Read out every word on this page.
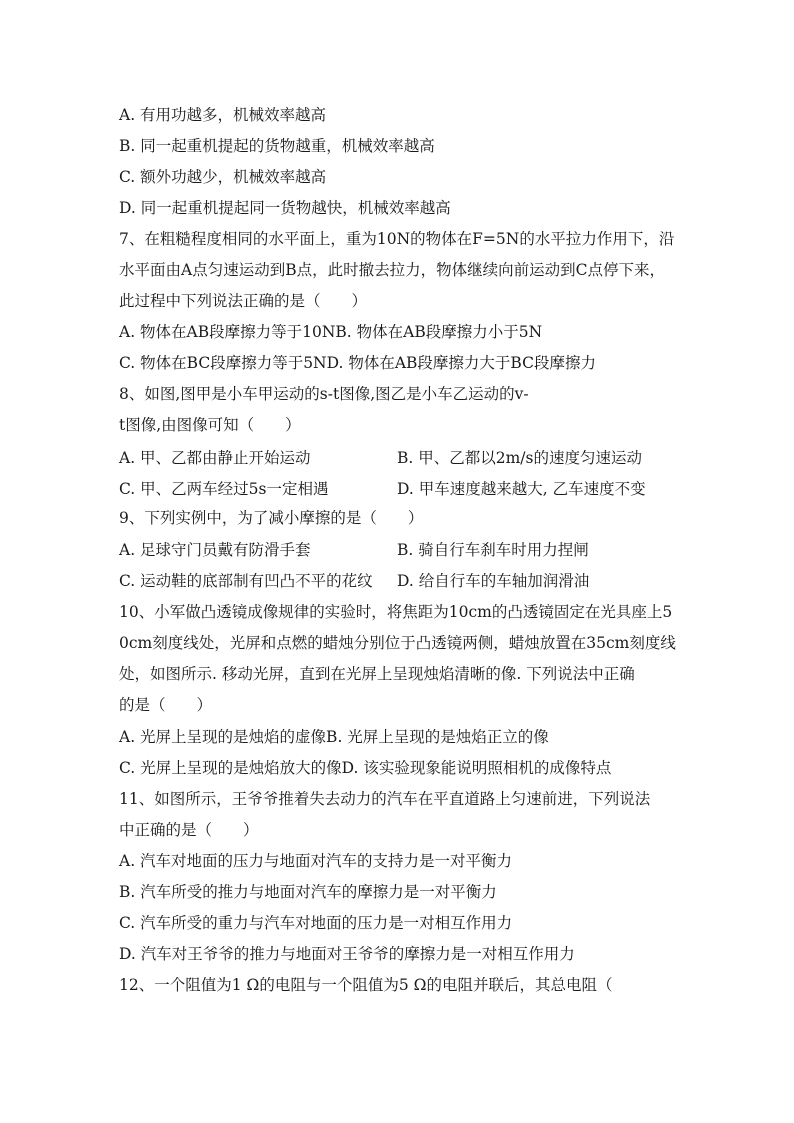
A. 有用功越多，机械效率越高
B. 同一起重机提起的货物越重，机械效率越高
C. 额外功越少，机械效率越高
D. 同一起重机提起同一货物越快，机械效率越高
7、在粗糙程度相同的水平面上，重为10N的物体在F=5N的水平拉力作用下，沿
水平面由A点匀速运动到B点，此时撤去拉力，物体继续向前运动到C点停下来，
此过程中下列说法正确的是（　　）
A. 物体在AB段摩擦力等于10NB. 物体在AB段摩擦力小于5N
C. 物体在BC段摩擦力等于5ND. 物体在AB段摩擦力大于BC段摩擦力
8、如图,图甲是小车甲运动的s-t图像,图乙是小车乙运动的v-
t图像,由图像可知（　　）
A. 甲、乙都由静止开始运动	B. 甲、乙都以2m/s的速度匀速运动
C. 甲、乙两车经过5s一定相遇	D. 甲车速度越来越大, 乙车速度不变
9、下列实例中，为了减小摩擦的是（　　）
A. 足球守门员戴有防滑手套	B. 骑自行车刹车时用力捏闸
C. 运动鞋的底部制有凹凸不平的花纹 D. 给自行车的车轴加润滑油
10、小军做凸透镜成像规律的实验时，将焦距为10cm的凸透镜固定在光具座上5
0cm刻度线处，光屏和点燃的蜡烛分别位于凸透镜两侧，蜡烛放置在35cm刻度线
处，如图所示. 移动光屏，直到在光屏上呈现烛焰清晰的像. 下列说法中正确
的是（　　）
A. 光屏上呈现的是烛焰的虚像B. 光屏上呈现的是烛焰正立的像
C. 光屏上呈现的是烛焰放大的像D. 该实验现象能说明照相机的成像特点
11、如图所示，王爷爷推着失去动力的汽车在平直道路上匀速前进，下列说法
中正确的是（　　）
A. 汽车对地面的压力与地面对汽车的支持力是一对平衡力
B. 汽车所受的推力与地面对汽车的摩擦力是一对平衡力
C. 汽车所受的重力与汽车对地面的压力是一对相互作用力
D. 汽车对王爷爷的推力与地面对王爷爷的摩擦力是一对相互作用力
12、一个阻值为1 Ω的电阻与一个阻值为5 Ω的电阻并联后，其总电阻（
